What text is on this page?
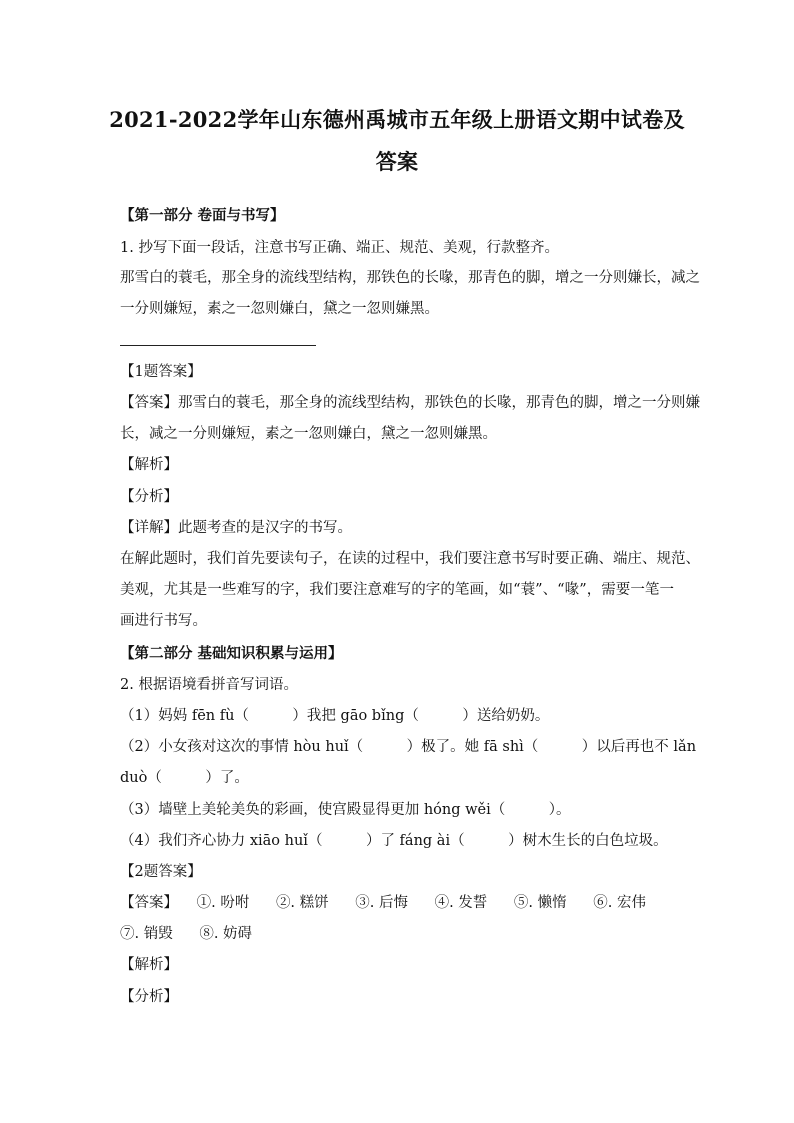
2021-2022学年山东德州禹城市五年级上册语文期中试卷及
答案
【第一部分 卷面与书写】
1. 抄写下面一段话，注意书写正确、端正、规范、美观，行款整齐。
那雪白的蓑毛，那全身的流线型结构，那铁色的长喙，那青色的脚，增之一分则嫌长，减之
一分则嫌短，素之一忽则嫌白，黛之一忽则嫌黑。
【1题答案】
【答案】那雪白的蓑毛，那全身的流线型结构，那铁色的长喙，那青色的脚，增之一分则嫌
长，减之一分则嫌短，素之一忽则嫌白，黛之一忽则嫌黑。
【解析】
【分析】
【详解】此题考查的是汉字的书写。
在解此题时，我们首先要读句子，在读的过程中，我们要注意书写时要正确、端庄、规范、
美观，尤其是一些难写的字，我们要注意难写的字的笔画，如“蓑”、“喙”，需要一笔一
画进行书写。
【第二部分 基础知识积累与运用】
2. 根据语境看拼音写词语。
（1）妈妈 fēn fù（　　　）我把 gāo bǐng（　　　）送给奶奶。
（2）小女孩对这次的事情 hòu huǐ（　　　）极了。她 fā shì（　　　）以后再也不 lǎn
duò（　　　）了。
（3）墙壁上美轮美奂的彩画，使宫殿显得更加 hóng wěi（　　　）。
（4）我们齐心协力 xiāo huǐ（　　　）了 fáng ài（　　　）树木生长的白色垃圾。
【2题答案】
【答案】 ①. 吩咐 ②. 糕饼 ③. 后悔 ④. 发誓 ⑤. 懒惰 ⑥. 宏伟
⑦. 销毁 ⑧. 妨碍
【解析】
【分析】
